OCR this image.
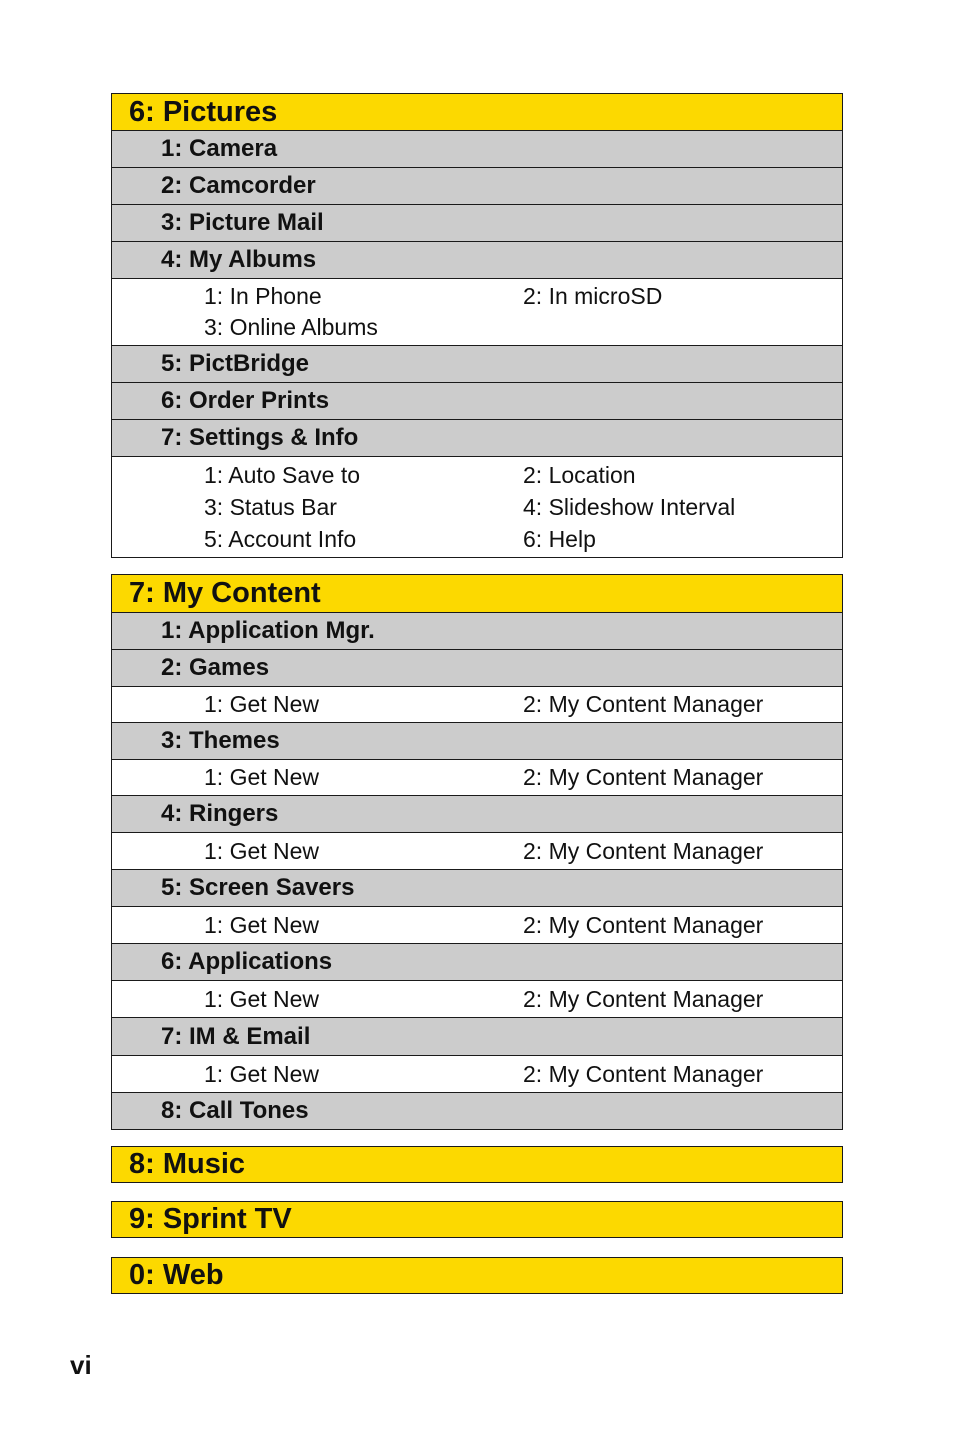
6: Pictures
1: Camera
2: Camcorder
3: Picture Mail
4: My Albums
1: In Phone	2: In microSD
3: Online Albums
5: PictBridge
6: Order Prints
7: Settings & Info
1: Auto Save to	2: Location
3: Status Bar	4: Slideshow Interval
5: Account Info	6: Help
7: My Content
1: Application Mgr.
2: Games
1: Get New	2: My Content Manager
3: Themes
1: Get New	2: My Content Manager
4: Ringers
1: Get New	2: My Content Manager
5: Screen Savers
1: Get New	2: My Content Manager
6: Applications
1: Get New	2: My Content Manager
7: IM & Email
1: Get New	2: My Content Manager
8: Call Tones
8: Music
9: Sprint TV
0: Web
vi
